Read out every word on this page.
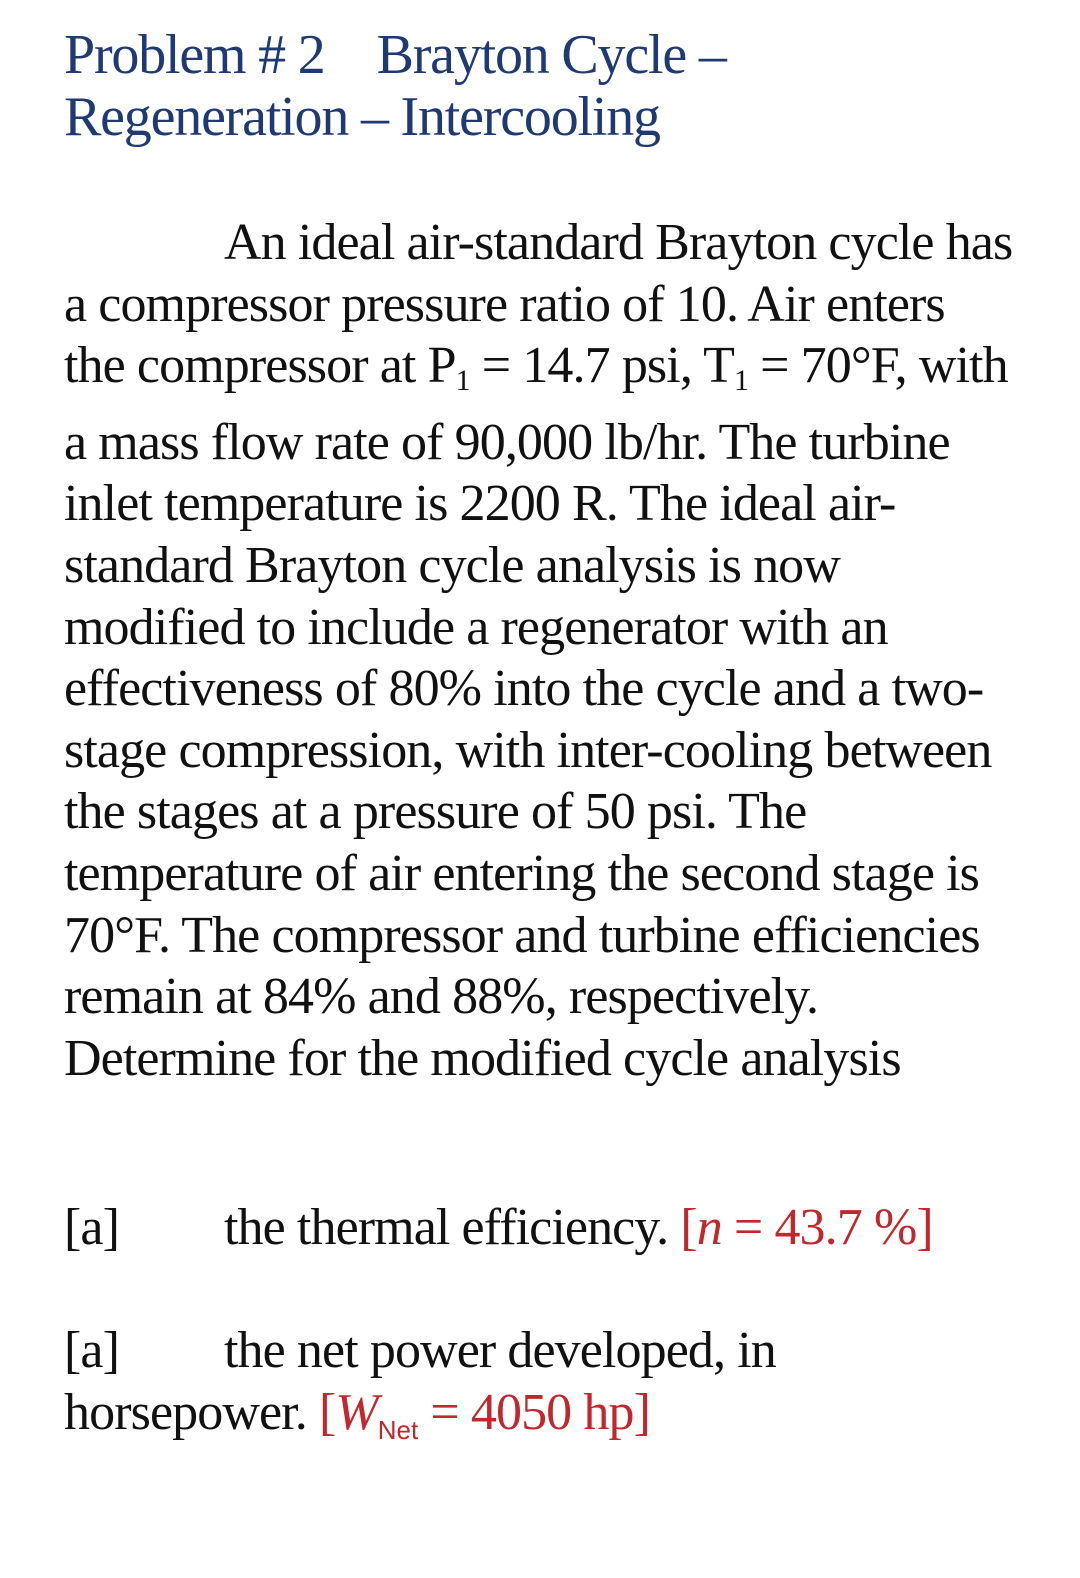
Problem # 2 Brayton Cycle –
Regeneration – Intercooling

An ideal air-standard Brayton cycle has a compressor pressure ratio of 10. Air enters the compressor at $P_1 = 14.7$ psi, $T_1 = 70^\circ F$, with a mass flow rate of 90,000 lb/hr. The turbine inlet temperature is 2200 R. The ideal air-standard Brayton cycle analysis is now modified to include a regenerator with an effectiveness of 80% into the cycle and a two-stage compression, with inter-cooling between the stages at a pressure of 50 psi. The temperature of air entering the second stage is 70°F. The compressor and turbine efficiencies remain at 84% and 88%, respectively. Determine for the modified cycle analysis

[a] the thermal efficiency. [n = 43.7 %]

[a] the net power developed, in horsepower. [$W_{Net} = 4050$ hp]
